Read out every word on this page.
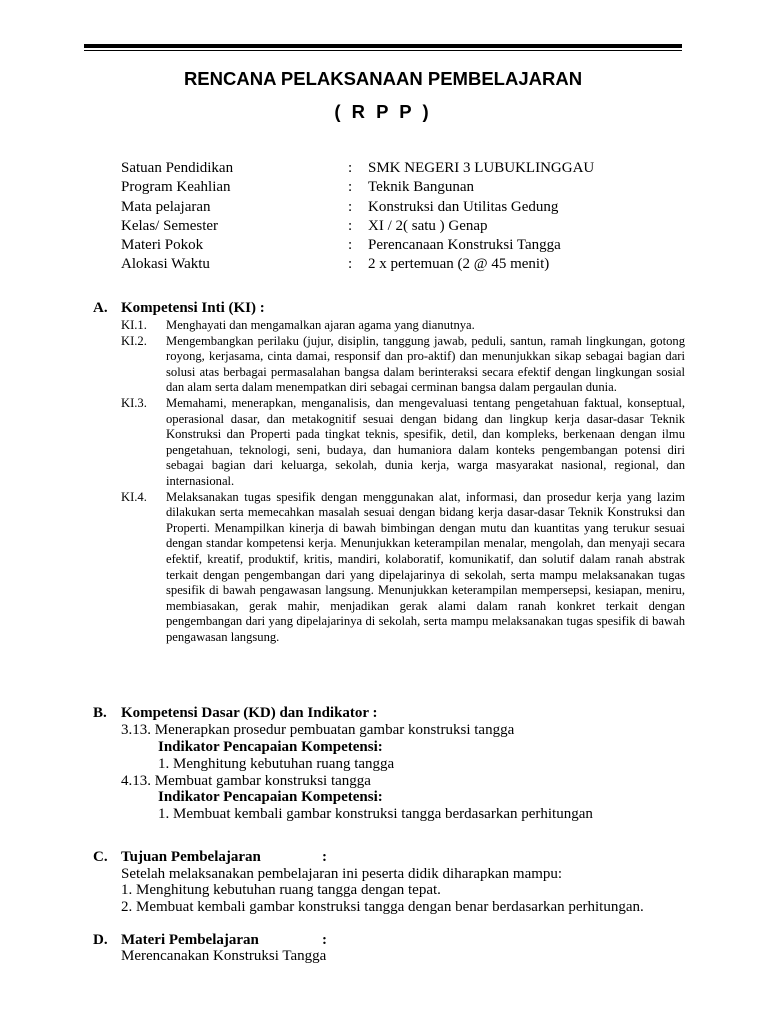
RENCANA PELAKSANAAN PEMBELAJARAN
( R P P )
Satuan Pendidikan	: SMK NEGERI 3 LUBUKLINGGAU
Program Keahlian	: Teknik Bangunan
Mata pelajaran	: Konstruksi dan Utilitas Gedung
Kelas/ Semester	: XI / 2( satu ) Genap
Materi Pokok	: Perencanaan Konstruksi Tangga
Alokasi Waktu	: 2 x pertemuan (2 @ 45 menit)
A. Kompetensi Inti (KI) :
KI.1.	Menghayati dan mengamalkan ajaran agama yang dianutnya.
KI.2.	Mengembangkan perilaku (jujur, disiplin, tanggung jawab, peduli, santun, ramah lingkungan, gotong royong, kerjasama, cinta damai, responsif dan pro-aktif) dan menunjukkan sikap sebagai bagian dari solusi atas berbagai permasalahan bangsa dalam berinteraksi secara efektif dengan lingkungan sosial dan alam serta dalam menempatkan diri sebagai cerminan bangsa dalam pergaulan dunia.
KI.3.	Memahami, menerapkan, menganalisis, dan mengevaluasi tentang pengetahuan faktual, konseptual, operasional dasar, dan metakognitif sesuai dengan bidang dan lingkup kerja dasar-dasar Teknik Konstruksi dan Properti pada tingkat teknis, spesifik, detil, dan kompleks, berkenaan dengan ilmu pengetahuan, teknologi, seni, budaya, dan humaniora dalam konteks pengembangan potensi diri sebagai bagian dari keluarga, sekolah, dunia kerja, warga masyarakat nasional, regional, dan internasional.
KI.4.	Melaksanakan tugas spesifik dengan menggunakan alat, informasi, dan prosedur kerja yang lazim dilakukan serta memecahkan masalah sesuai dengan bidang kerja dasar-dasar Teknik Konstruksi dan Properti. Menampilkan kinerja di bawah bimbingan dengan mutu dan kuantitas yang terukur sesuai dengan standar kompetensi kerja. Menunjukkan keterampilan menalar, mengolah, dan menyaji secara efektif, kreatif, produktif, kritis, mandiri, kolaboratif, komunikatif, dan solutif dalam ranah abstrak terkait dengan pengembangan dari yang dipelajarinya di sekolah, serta mampu melaksanakan tugas spesifik di bawah pengawasan langsung. Menunjukkan keterampilan mempersepsi, kesiapan, meniru, membiasakan, gerak mahir, menjadikan gerak alami dalam ranah konkret terkait dengan pengembangan dari yang dipelajarinya di sekolah, serta mampu melaksanakan tugas spesifik di bawah pengawasan langsung.
B. Kompetensi Dasar (KD) dan Indikator :
3.13. Menerapkan prosedur pembuatan gambar konstruksi tangga
Indikator Pencapaian Kompetensi:
1. Menghitung kebutuhan ruang tangga
4.13. Membuat gambar konstruksi tangga
Indikator Pencapaian Kompetensi:
1. Membuat kembali gambar konstruksi tangga berdasarkan perhitungan
C. Tujuan Pembelajaran	:
Setelah melaksanakan pembelajaran ini peserta didik diharapkan mampu:
1. Menghitung kebutuhan ruang tangga dengan tepat.
2. Membuat kembali gambar konstruksi tangga dengan benar berdasarkan perhitungan.
D. Materi Pembelajaran	:
Merencanakan Konstruksi Tangga
